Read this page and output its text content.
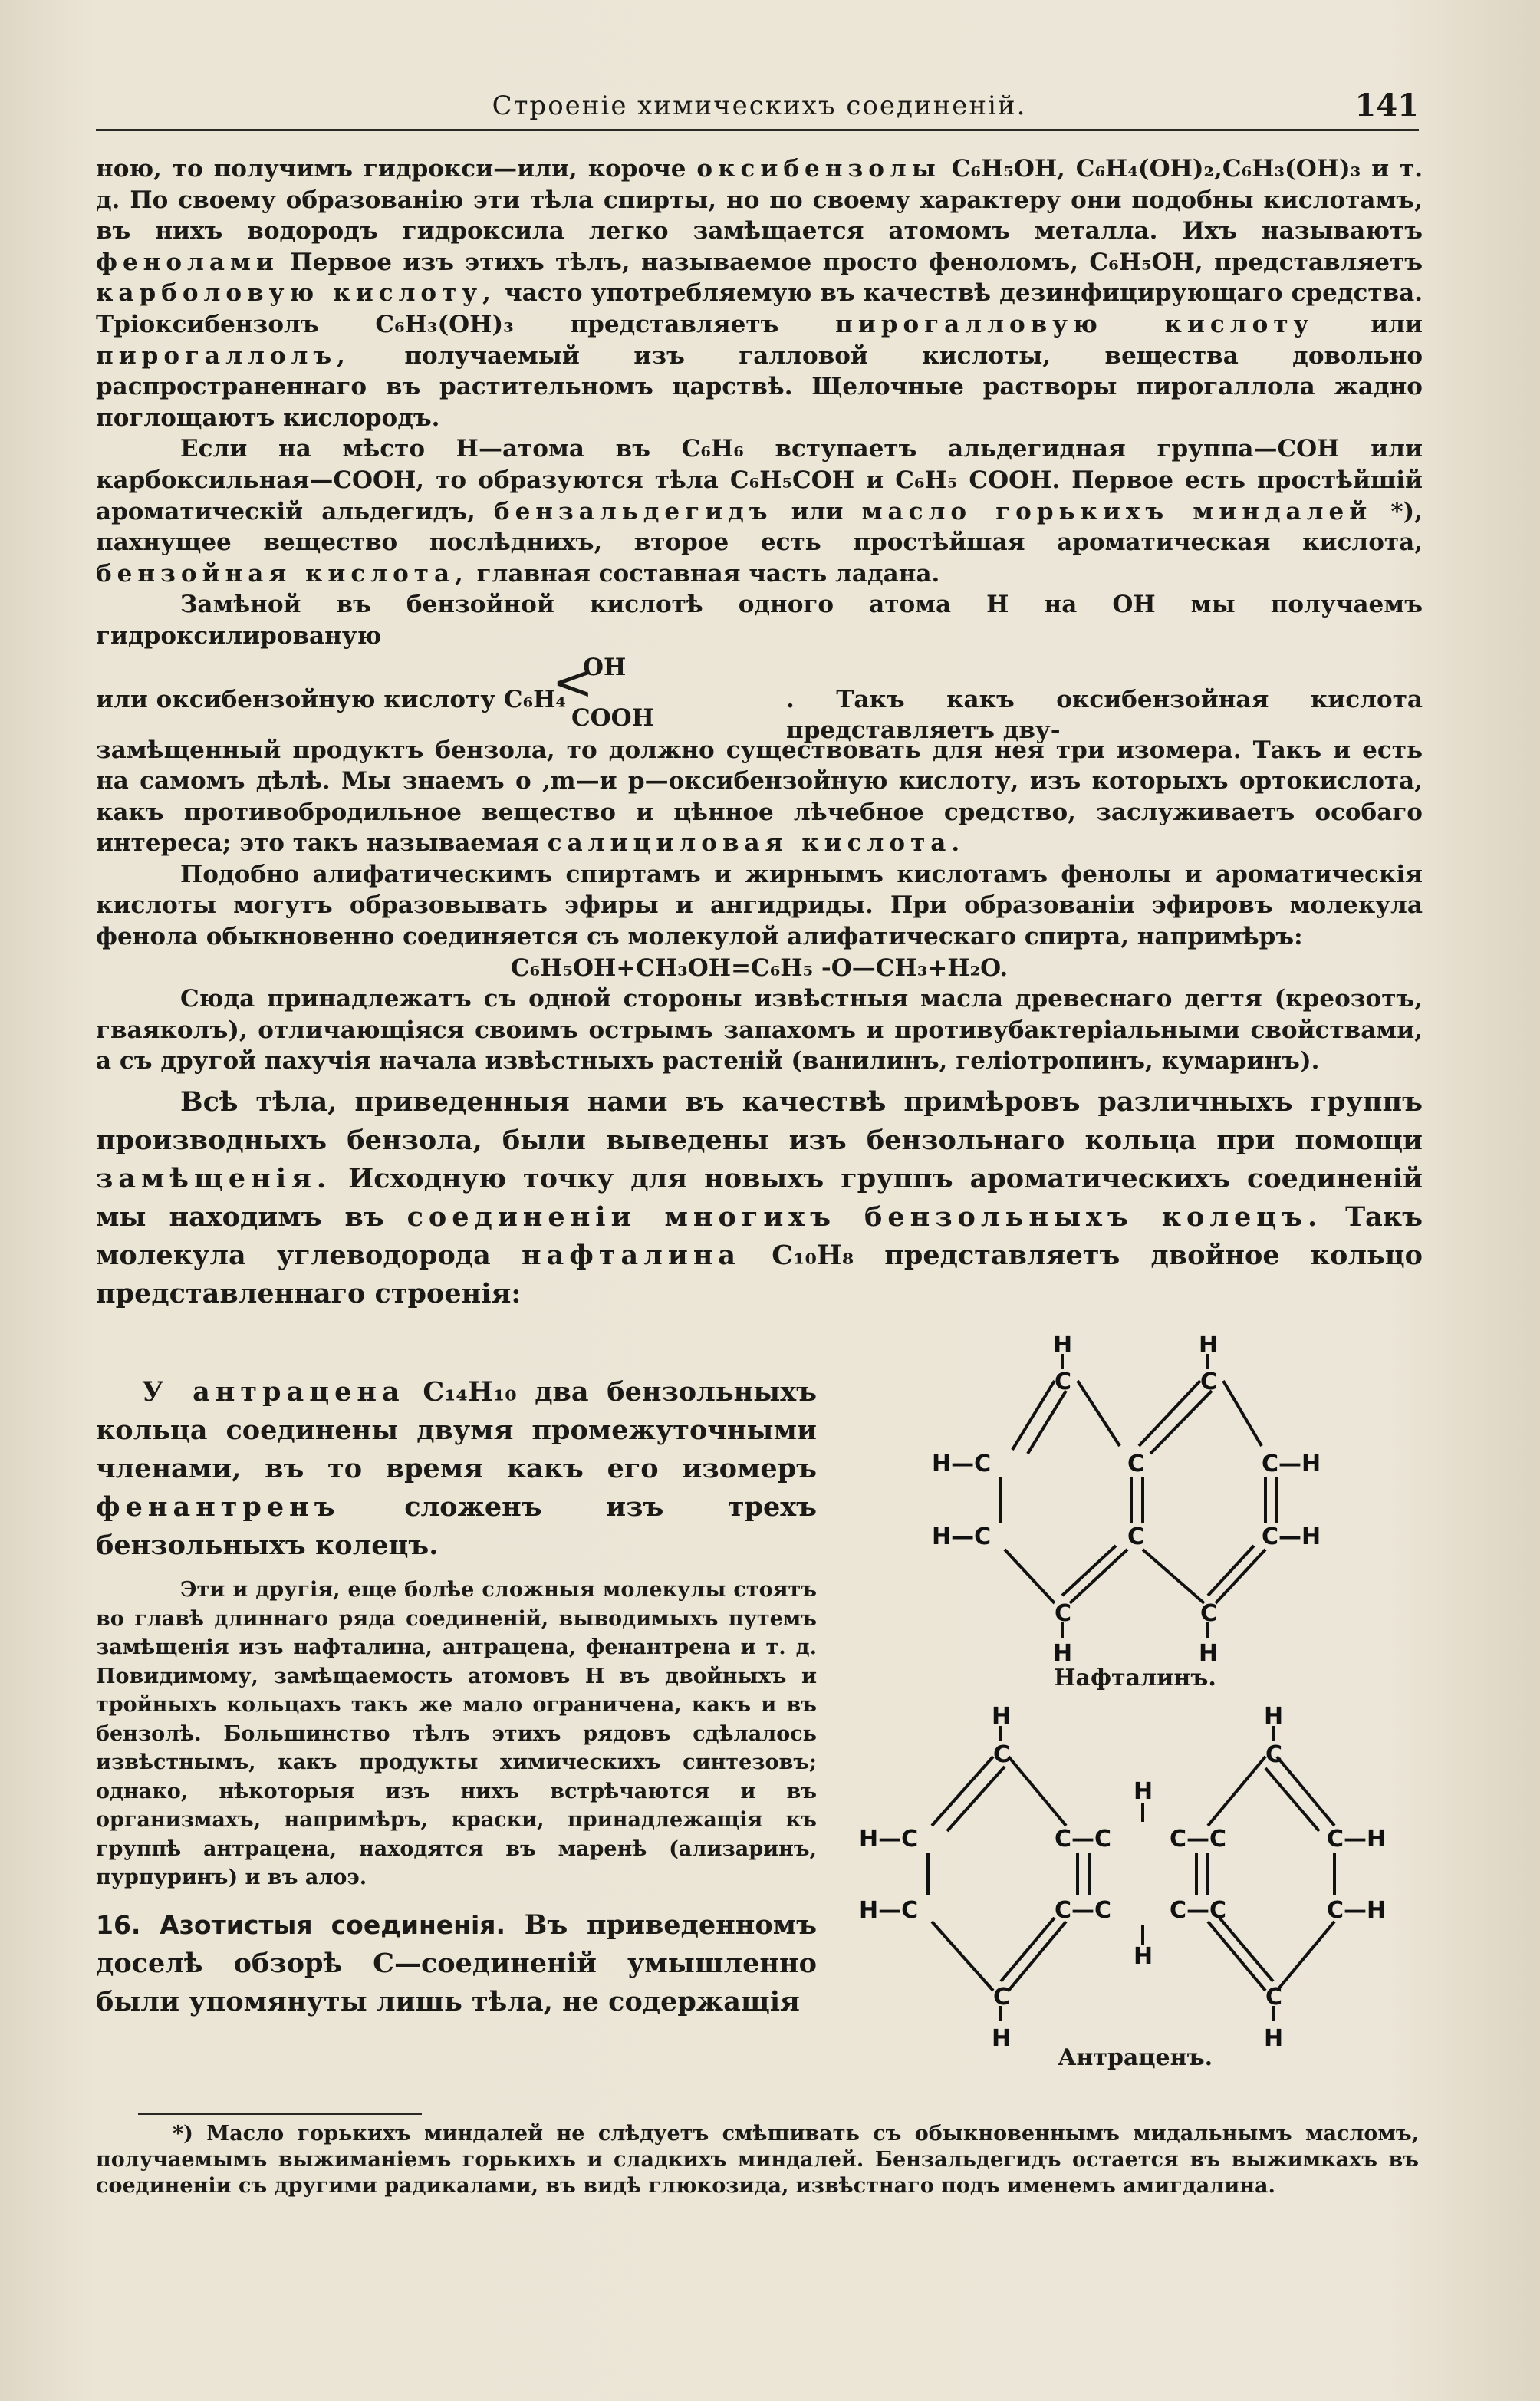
Строеніе химическихъ соединеній.	141

ною, то получимъ гидрокси—или, короче оксибензолы C₆H₅OH, C₆H₄(OH)₂,C₆H₃(OH)₃ и т. д. По своему образованію эти тѣла спирты, но по своему характеру они подобны кислотамъ, въ нихъ водородъ гидроксила легко замѣщается атомомъ металла. Ихъ называютъ фенолами Первое изъ этихъ тѣлъ, называемое просто феноломъ, C₆H₅OH, представляетъ карболовую кислоту, часто употребляемую въ качествѣ дезинфицирующаго средства. Тріоксибензолъ C₆H₃(OH)₃ представляетъ пирогалловую кислоту или пирогаллолъ, получаемый изъ галловой кислоты, вещества довольно распространеннаго въ растительномъ царствѣ. Щелочные растворы пирогаллола жадно поглощаютъ кислородъ.

Если на мѣсто H—атома въ C₆H₆ вступаетъ альдегидная группа—COH или карбоксильная—COOH, то образуются тѣла C₆H₅COH и C₆H₅ COOH. Первое есть простѣйшій ароматическій альдегидъ, бензальдегидъ или масло горькихъ миндалей *), пахнущее веществo послѣднихъ, второе есть простѣйшая ароматическая кислота, бензойная кислота, главная составная часть ладана.

Замѣной въ бензойной кислотѣ одного атома H на OH мы получаемъ гидроксилированую

или оксибензойную кислоту C₆H₄
<
OH
COOH
. Такъ какъ оксибензойная кислота представляетъ дву-

замѣщенный продуктъ бензола, то должно существовать для нея три изомера. Такъ и есть на самомъ дѣлѣ. Мы знаемъ o ,m—и p—оксибензойную кислоту, изъ которыхъ ортокислота, какъ противобродильное вещество и цѣнное лѣчебное средство, заслуживаетъ особаго интереса; это такъ называемая салициловая кислота.

Подобно алифатическимъ спиртамъ и жирнымъ кислотамъ фенолы и ароматическія кислоты могутъ образовывать эфиры и ангидриды. При образованіи эфировъ молекула фенола обыкновенно соединяется съ молекулой алифатическаго спирта, напримѣръ:

C₆H₅OH+CH₃OH=C₆H₅ -O—CH₃+H₂O.

Сюда принадлежатъ съ одной стороны извѣстныя масла древеснаго дегтя (креозотъ, гваяколъ), отличающіяся своимъ острымъ запахомъ и противубактеріальными свойствами, а съ другой пахучія начала извѣстныхъ растеній (ванилинъ, геліотропинъ, кумаринъ).

Всѣ тѣла, приведенныя нами въ качествѣ примѣровъ различныхъ группъ производныхъ бензола, были выведены изъ бензольнаго кольца при помощи замѣщенія. Исходную точку для новыхъ группъ ароматическихъ соединеній мы находимъ въ соединеніи многихъ бензольныхъ колецъ. Такъ молекула углеводорода нафталина C₁₀H₈ представляетъ двойное кольцо представленнаго строенія:

У антрацена C₁₄H₁₀ два бензольныхъ кольца соединены двумя промежуточными членами, въ то время какъ его изомеръ фенантренъ сложенъ изъ трехъ бензольныхъ колецъ.

Эти и другія, еще болѣе сложныя молекулы стоятъ во главѣ длиннаго ряда соединеній, выводимыхъ путемъ замѣщенія изъ нафталина, антрацена, фенантрена и т. д. Повидимому, замѣщаемость атомовъ H въ двойныхъ и тройныхъ кольцахъ такъ же мало ограничена, какъ и въ бензолѣ. Большинство тѣлъ этихъ рядовъ сдѣлалось извѣстнымъ, какъ продукты химическихъ синтезовъ; однако, нѣкоторыя изъ нихъ встрѣчаются и въ организмахъ, напримѣръ, краски, принадлежащія къ группѣ антрацена, находятся въ маренѣ (ализаринъ, пурпуринъ) и въ алоэ.

16. Азотистыя соединенія. Въ приведенномъ доселѣ обзорѣ C—соединеній умышленно были упомянуты лишь тѣла, не содержащія

H	H
C	C
H—C	C	C—H
H—C	C	C—H
C	C
H	H
Нафталинъ.
H	H
C	C
H
H—C	C—C	C—C	C—H
H—C	C—C	C—C	C—H
H
C	C
H	H
Антраценъ.
*) Масло горькихъ миндалей не слѣдуетъ смѣшивать съ обыкновеннымъ мидальнымъ масломъ, получаемымъ выжиманіемъ горькихъ и сладкихъ миндалей. Бензальдегидъ остается въ выжимкахъ въ соединеніи съ другими радикалами, въ видѣ глюкозида, извѣстнаго подъ именемъ амигдалина.
